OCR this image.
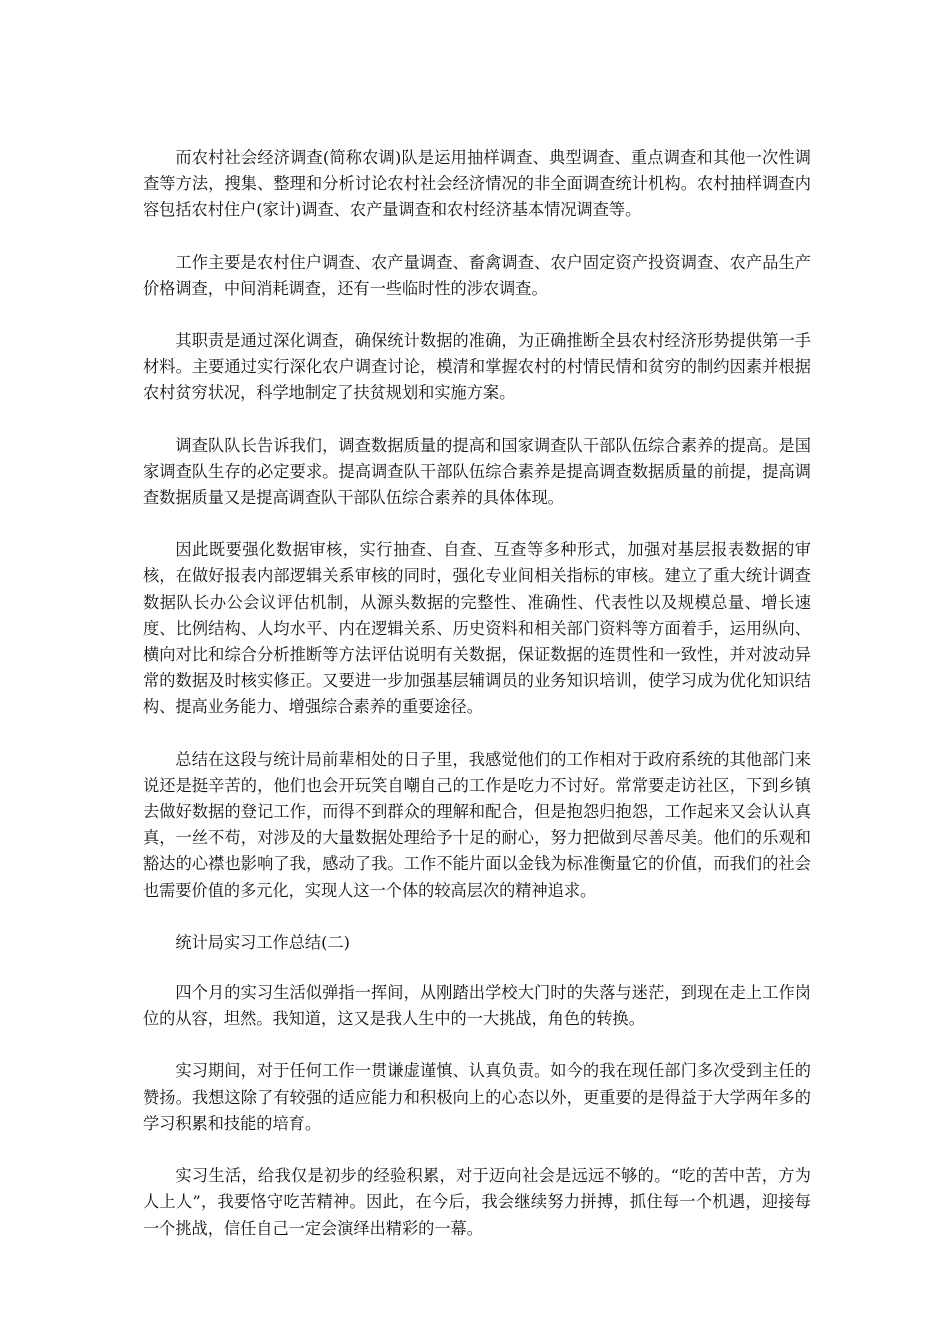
而农村社会经济调查(简称农调)队是运用抽样调查、典型调查、重点调查和其他一次性调查等方法，搜集、整理和分析讨论农村社会经济情况的非全面调查统计机构。农村抽样调查内容包括农村住户(家计)调查、农产量调查和农村经济基本情况调查等。

工作主要是农村住户调查、农产量调查、畜禽调查、农户固定资产投资调查、农产品生产价格调查，中间消耗调查，还有一些临时性的涉农调查。

其职责是通过深化调查，确保统计数据的准确，为正确推断全县农村经济形势提供第一手材料。主要通过实行深化农户调查讨论，模清和掌握农村的村情民情和贫穷的制约因素并根据农村贫穷状况，科学地制定了扶贫规划和实施方案。

调查队队长告诉我们，调查数据质量的提高和国家调查队干部队伍综合素养的提高。是国家调查队生存的必定要求。提高调查队干部队伍综合素养是提高调查数据质量的前提，提高调查数据质量又是提高调查队干部队伍综合素养的具体体现。

因此既要强化数据审核，实行抽查、自查、互查等多种形式，加强对基层报表数据的审核，在做好报表内部逻辑关系审核的同时，强化专业间相关指标的审核。建立了重大统计调查数据队长办公会议评估机制，从源头数据的完整性、准确性、代表性以及规模总量、增长速度、比例结构、人均水平、内在逻辑关系、历史资料和相关部门资料等方面着手，运用纵向、横向对比和综合分析推断等方法评估说明有关数据，保证数据的连贯性和一致性，并对波动异常的数据及时核实修正。又要进一步加强基层辅调员的业务知识培训，使学习成为优化知识结构、提高业务能力、增强综合素养的重要途径。

总结在这段与统计局前辈相处的日子里，我感觉他们的工作相对于政府系统的其他部门来说还是挺辛苦的，他们也会开玩笑自嘲自己的工作是吃力不讨好。常常要走访社区，下到乡镇去做好数据的登记工作，而得不到群众的理解和配合，但是抱怨归抱怨，工作起来又会认认真真，一丝不苟，对涉及的大量数据处理给予十足的耐心，努力把做到尽善尽美。他们的乐观和豁达的心襟也影响了我，感动了我。工作不能片面以金钱为标准衡量它的价值，而我们的社会也需要价值的多元化，实现人这一个体的较高层次的精神追求。

统计局实习工作总结(二)

四个月的实习生活似弹指一挥间，从刚踏出学校大门时的失落与迷茫，到现在走上工作岗位的从容，坦然。我知道，这又是我人生中的一大挑战，角色的转换。

实习期间，对于任何工作一贯谦虚谨慎、认真负责。如今的我在现任部门多次受到主任的赞扬。我想这除了有较强的适应能力和积极向上的心态以外，更重要的是得益于大学两年多的学习积累和技能的培育。

实习生活，给我仅是初步的经验积累，对于迈向社会是远远不够的。“吃的苦中苦，方为人上人”，我要恪守吃苦精神。因此，在今后，我会继续努力拼搏，抓住每一个机遇，迎接每一个挑战，信任自己一定会演绎出精彩的一幕。
